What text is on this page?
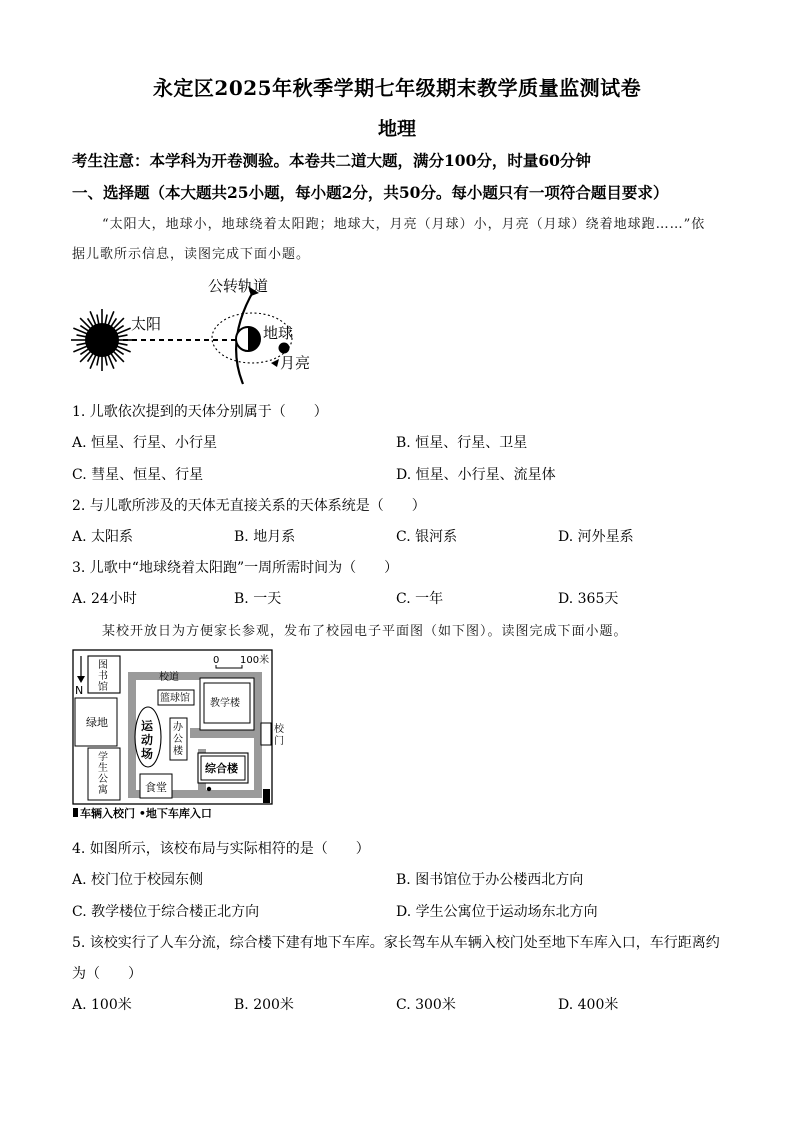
永定区2025年秋季学期七年级期末教学质量监测试卷
地理
考生注意：本学科为开卷测验。本卷共二道大题，满分100分，时量60分钟
一、选择题（本大题共25小题，每小题2分，共50分。每小题只有一项符合题目要求）
“太阳大，地球小，地球绕着太阳跑；地球大，月亮（月球）小，月亮（月球）绕着地球跑……”依
据儿歌所示信息，读图完成下面小题。
公转轨道
太阳	地球
月亮
1. 儿歌依次提到的天体分别属于（　　）
A. 恒星、行星、小行星	B. 恒星、行星、卫星
C. 彗星、恒星、行星	D. 恒星、小行星、流星体
2. 与儿歌所涉及的天体无直接关系的天体系统是（　　）
A. 太阳系	B. 地月系	C. 银河系	D. 河外星系
3. 儿歌中“地球绕着太阳跑”一周所需时间为（　　）
A. 24小时	B. 一天	C. 一年	D. 365天
某校开放日为方便家长参观，发布了校园电子平面图（如下图）。读图完成下面小题。
N
图
书
馆
0 100米
校道
篮球馆 教学楼
绿地	运
动
场
办
公
楼
校
门
学
生
公
寓
综合楼
食堂
车辆入校门 •地下车库入口
4. 如图所示，该校布局与实际相符的是（　　）
A. 校门位于校园东侧	B. 图书馆位于办公楼西北方向
C. 教学楼位于综合楼正北方向	D. 学生公寓位于运动场东北方向
5. 该校实行了人车分流，综合楼下建有地下车库。家长驾车从车辆入校门处至地下车库入口，车行距离约
为（　　）
A. 100米	B. 200米	C. 300米	D. 400米
